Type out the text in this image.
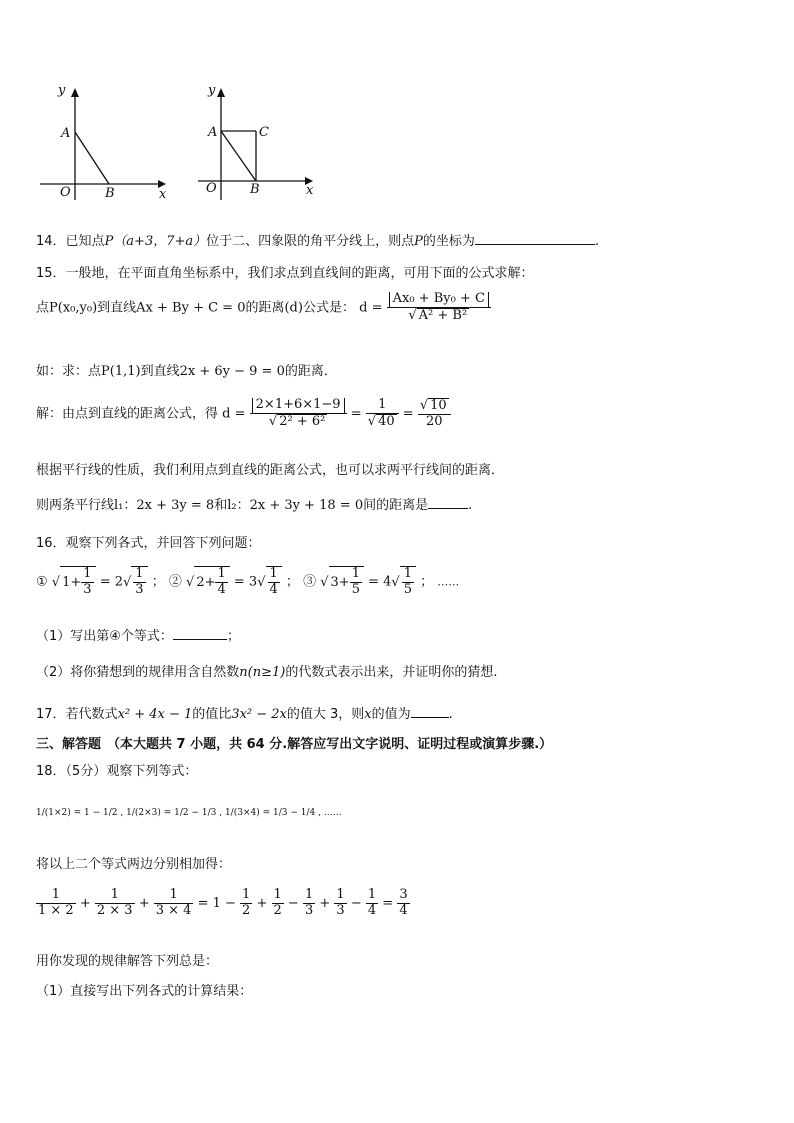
y
x
O
A
B
y
x
O
A
B
C
14．已知点P（a+3，7+a）位于二、四象限的角平分线上，则点P的坐标为	.
15．一般地，在平面直角坐标系中，我们求点到直线间的距离，可用下面的公式求解：
点P(x₀,y₀)到直线Ax + By + C = 0的距离(d)公式是： $d = \frac{\text{Ax₀ + By₀ + C}}{\text{√ A² + B²}}$
如：求：点P(1,1)到直线2x + 6y − 9 = 0的距离．
解：由点到直线的距离公式，得 $d = \frac{2\times 1+6\times 1-9}{\text{√ 2² + 6²}} = \frac{1}{√ 40} = \frac{√ 10}{20}$
根据平行线的性质，我们利用点到直线的距离公式，也可以求两平行线间的距离．
则两条平行线l₁：2x + 3y = 8和l₂：2x + 3y + 18 = 0间的距离是	.
16．观察下列各式，并回答下列问题：
① √ $1+ \frac{1}{3} = 2√ \frac{1}{3}$ ； ② √ $2+ \frac{1}{4} = 3√ \frac{1}{4}$ ； ③ √ $3+ \frac{1}{5} = 4√ \frac{1}{5}$ ； ……
（1）写出第④个等式：	；
（2）将你猜想到的规律用含自然数n(n≥1)的代数式表示出来，并证明你的猜想.
17．若代数式x² + 4x − 1的值比3x² − 2x的值大 3，则x的值为	.
三、解答题 （本大题共 7 小题，共 64 分.解答应写出文字说明、证明过程或演算步骤.）
18．（5分）观察下列等式：
1/(1×2) = 1 − 1/2 , 1/(2×3) = 1/2 − 1/3 , 1/(3×4) = 1/3 − 1/4 , ……
将以上二个等式两边分别相加得：
$\frac{1}{1 \times 2} + \frac{1}{2 \times 3} + \frac{1}{3 \times 4} = 1 - \frac{1}{2} + \frac{1}{2} - \frac{1}{3} + \frac{1}{3} - \frac{1}{4} = \frac{3}{4}$
用你发现的规律解答下列总是：
（1）直接写出下列各式的计算结果：
